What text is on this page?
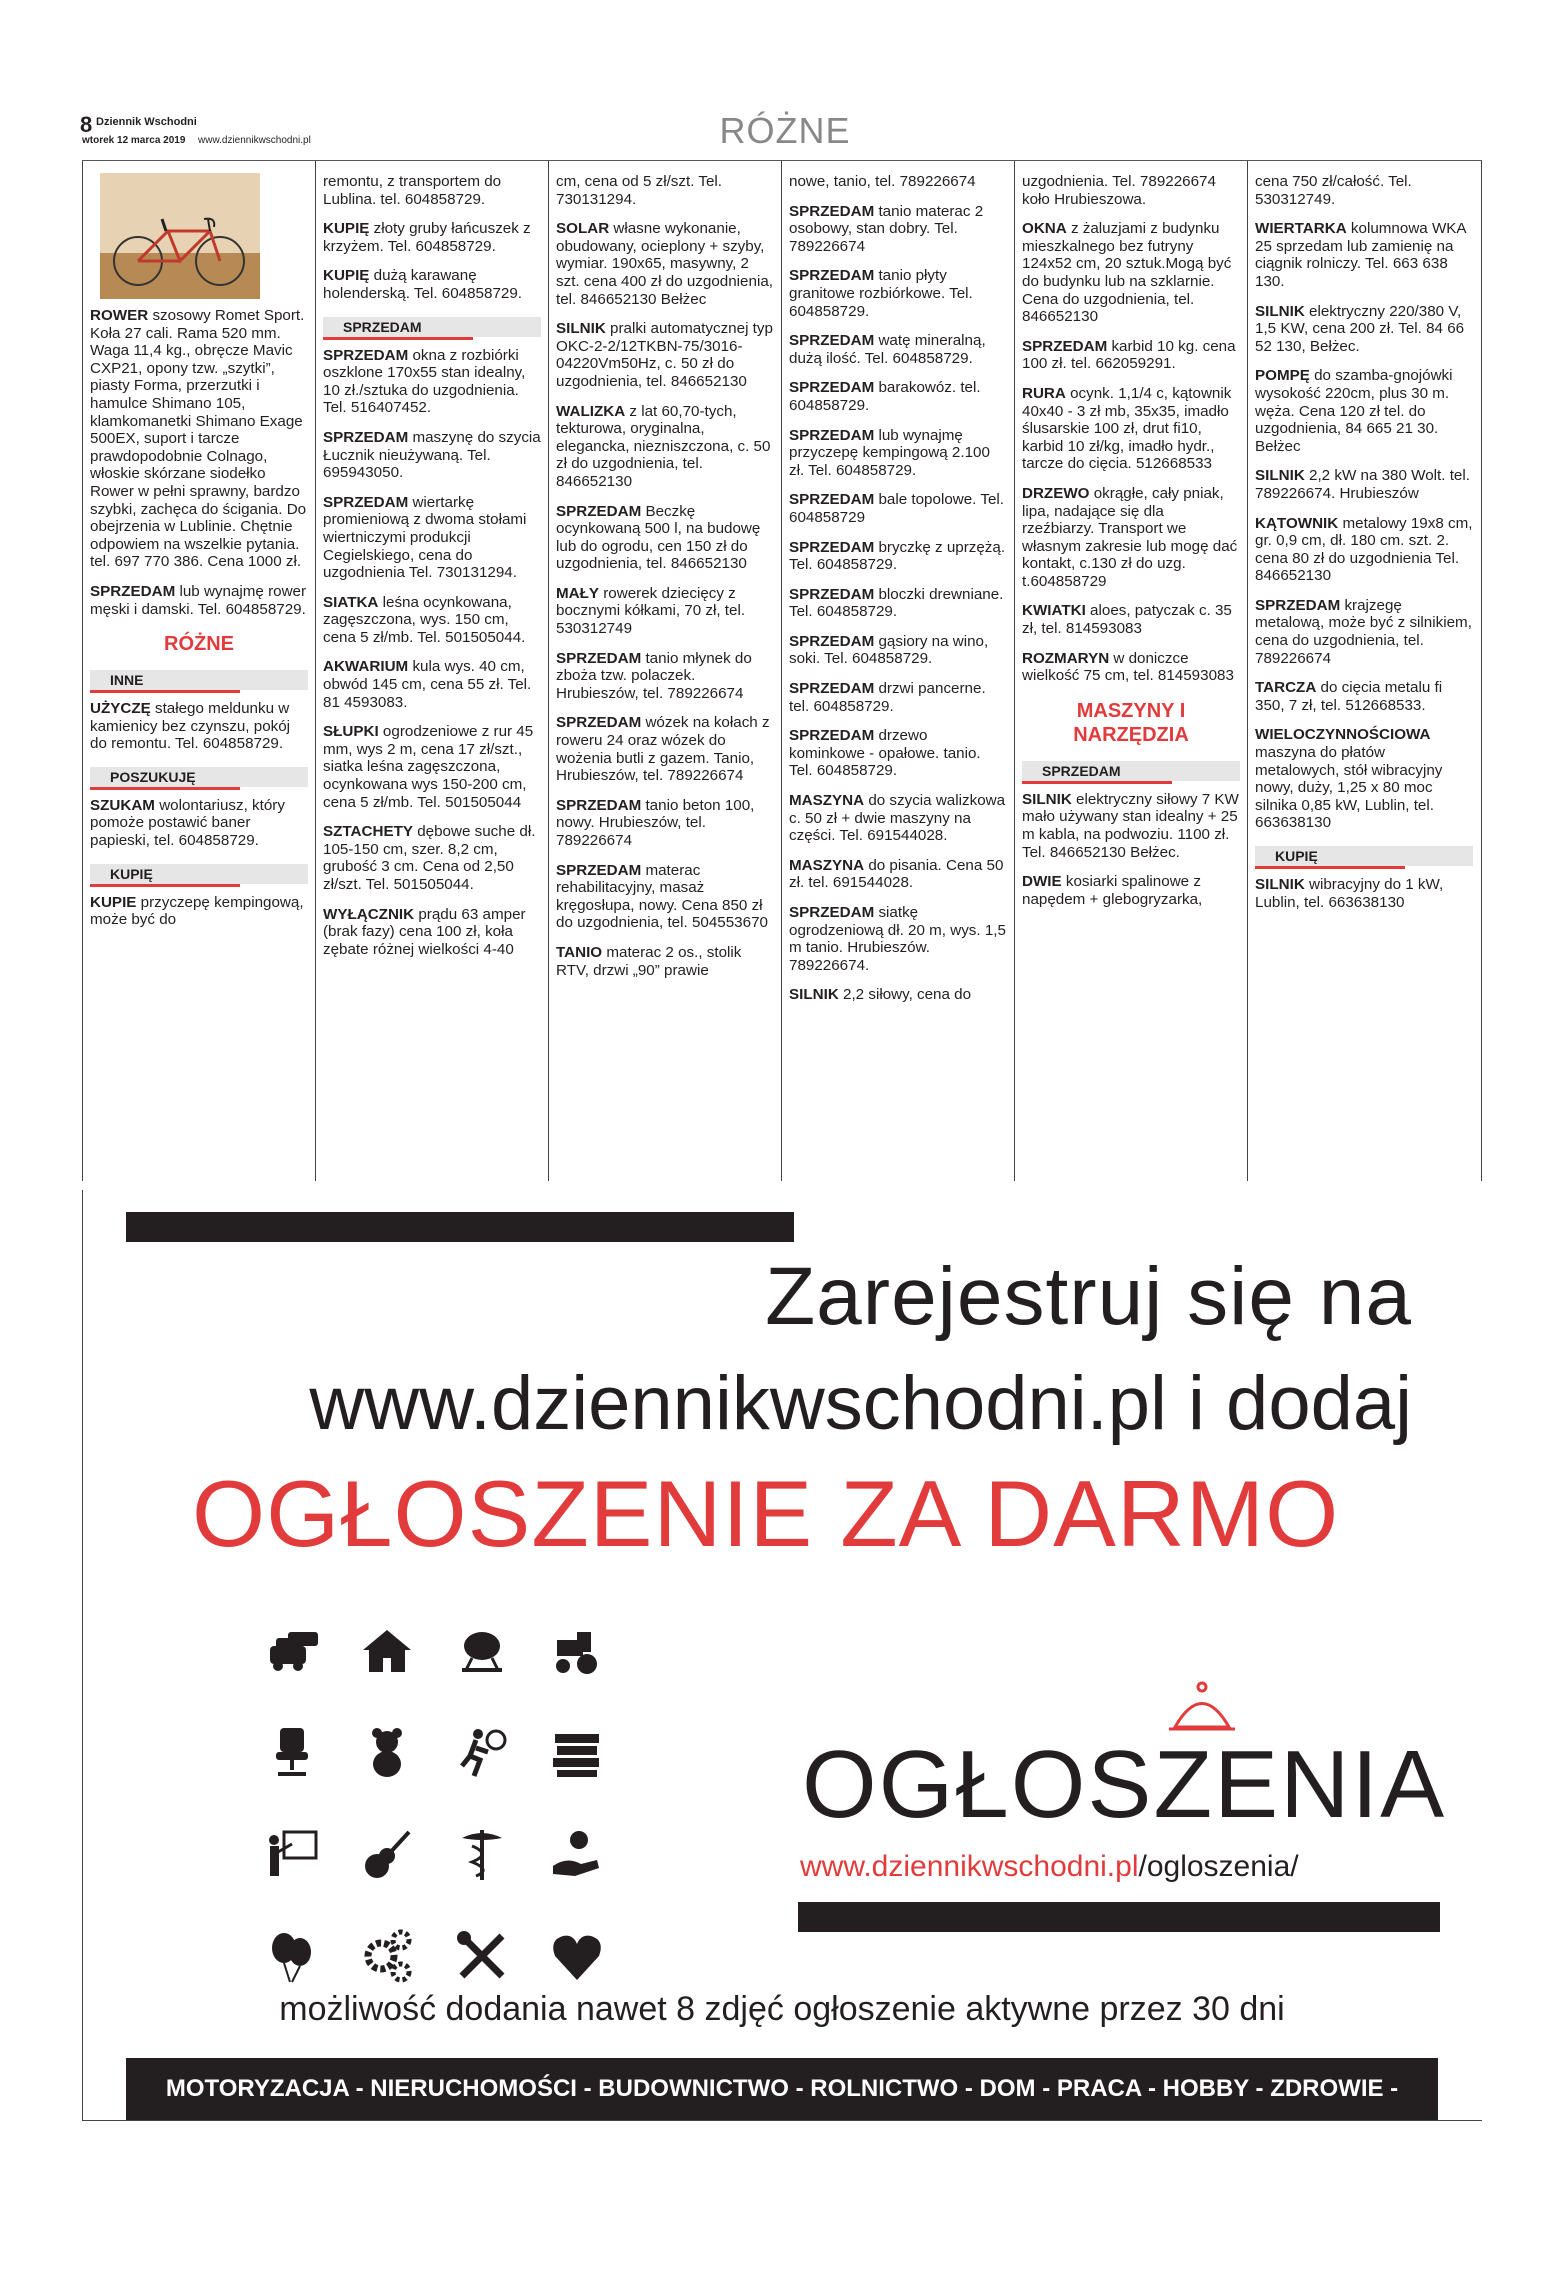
8 Dziennik Wschodni
wtorek 12 marca 2019 www.dziennikwschodni.pl	RÓŻNE

ROWER szosowy Romet Sport. Koła 27 cali. Rama 520 mm. Waga 11,4 kg., obręcze Mavic CXP21, opony tzw. „szytki”, piasty Forma, przerzutki i hamulce Shimano 105, klamkomanetki Shimano Exage 500EX, suport i tarcze prawdopodobnie Colnago, włoskie skórzane siodełko Rower w pełni sprawny, bardzo szybki, zachęca do ścigania. Do obejrzenia w Lublinie. Chętnie odpowiem na wszelkie pytania. tel. 697 770 386. Cena 1000 zł.

SPRZEDAM lub wynajmę rower męski i damski. Tel. 604858729.

RÓŻNE
INNE

UŻYCZĘ stałego meldunku w kamienicy bez czynszu, pokój do remontu. Tel. 604858729.

POSZUKUJĘ

SZUKAM wolontariusz, który pomoże postawić baner papieski, tel. 604858729.

KUPIĘ

KUPIE przyczepę kempingową, może być do

remontu, z transportem do Lublina. tel. 604858729.

KUPIĘ złoty gruby łańcuszek z krzyżem. Tel. 604858729.

KUPIĘ dużą karawanę holenderską. Tel. 604858729.

SPRZEDAM

SPRZEDAM okna z rozbiórki oszklone 170x55 stan idealny, 10 zł./sztuka do uzgodnienia. Tel. 516407452.

SPRZEDAM maszynę do szycia Łucznik nieużywaną. Tel. 695943050.

SPRZEDAM wiertarkę promieniową z dwoma stołami wiertniczymi produkcji Cegielskiego, cena do uzgodnienia Tel. 730131294.

SIATKA leśna ocynkowana, zagęszczona, wys. 150 cm, cena 5 zł/mb. Tel. 501505044.

AKWARIUM kula wys. 40 cm, obwód 145 cm, cena 55 zł. Tel. 81 4593083.

SŁUPKI ogrodzeniowe z rur 45 mm, wys 2 m, cena 17 zł/szt., siatka leśna zagęszczona, ocynkowana wys 150-200 cm, cena 5 zł/mb. Tel. 501505044

SZTACHETY dębowe suche dł. 105-150 cm, szer. 8,2 cm, grubość 3 cm. Cena od 2,50 zł/szt. Tel. 501505044.

WYŁĄCZNIK prądu 63 amper (brak fazy) cena 100 zł, koła zębate różnej wielkości 4-40

cm, cena od 5 zł/szt. Tel. 730131294.

SOLAR własne wykonanie, obudowany, ocieplony + szyby, wymiar. 190x65, masywny, 2 szt. cena 400 zł do uzgodnienia, tel. 846652130 Bełżec

SILNIK pralki automatycznej typ OKC-2-2/12TKBN-75/3016-04220Vm50Hz, c. 50 zł do uzgodnienia, tel. 846652130

WALIZKA z lat 60,70-tych, tekturowa, oryginalna, elegancka, niezniszczona, c. 50 zł do uzgodnienia, tel. 846652130

SPRZEDAM Beczkę ocynkowaną 500 l, na budowę lub do ogrodu, cen 150 zł do uzgodnienia, tel. 846652130

MAŁY rowerek dziecięcy z bocznymi kółkami, 70 zł, tel. 530312749

SPRZEDAM tanio młynek do zboża tzw. polaczek. Hrubieszów, tel. 789226674

SPRZEDAM wózek na kołach z roweru 24 oraz wózek do wożenia butli z gazem. Tanio, Hrubieszów, tel. 789226674

SPRZEDAM tanio beton 100, nowy. Hrubieszów, tel. 789226674

SPRZEDAM materac rehabilitacyjny, masaż kręgosłupa, nowy. Cena 850 zł do uzgodnienia, tel. 504553670

TANIO materac 2 os., stolik RTV, drzwi „90” prawie

nowe, tanio, tel. 789226674

SPRZEDAM tanio materac 2 osobowy, stan dobry. Tel. 789226674

SPRZEDAM tanio płyty granitowe rozbiórkowe. Tel. 604858729.

SPRZEDAM watę mineralną, dużą ilość. Tel. 604858729.

SPRZEDAM barakowóz. tel. 604858729.

SPRZEDAM lub wynajmę przyczepę kempingową 2.100 zł. Tel. 604858729.

SPRZEDAM bale topolowe. Tel. 604858729

SPRZEDAM bryczkę z uprzężą. Tel. 604858729.

SPRZEDAM bloczki drewniane. Tel. 604858729.

SPRZEDAM gąsiory na wino, soki. Tel. 604858729.

SPRZEDAM drzwi pancerne. tel. 604858729.

SPRZEDAM drzewo kominkowe - opałowe. tanio. Tel. 604858729.

MASZYNA do szycia walizkowa c. 50 zł + dwie maszyny na części. Tel. 691544028.

MASZYNA do pisania. Cena 50 zł. tel. 691544028.

SPRZEDAM siatkę ogrodzeniową dł. 20 m, wys. 1,5 m tanio. Hrubieszów. 789226674.

SILNIK 2,2 siłowy, cena do

uzgodnienia. Tel. 789226674 koło Hrubieszowa.

OKNA z żaluzjami z budynku mieszkalnego bez futryny 124x52 cm, 20 sztuk.Mogą być do budynku lub na szklarnie. Cena do uzgodnienia, tel. 846652130

SPRZEDAM karbid 10 kg. cena 100 zł. tel. 662059291.

RURA ocynk. 1,1/4 c, kątownik 40x40 - 3 zł mb, 35x35, imadło ślusarskie 100 zł, drut fi10, karbid 10 zł/kg, imadło hydr., tarcze do cięcia. 512668533

DRZEWO okrągłe, cały pniak, lipa, nadające się dla rzeźbiarzy. Transport we własnym zakresie lub mogę dać kontakt, c.130 zł do uzg. t.604858729

KWIATKI aloes, patyczak c. 35 zł, tel. 814593083

ROZMARYN w doniczce wielkość 75 cm, tel. 814593083

MASZYNY I NARZĘDZIA
SPRZEDAM

SILNIK elektryczny siłowy 7 KW mało używany stan idealny + 25 m kabla, na podwoziu. 1100 zł. Tel. 846652130 Bełżec.

DWIE kosiarki spalinowe z napędem + glebogryzarka,

cena 750 zł/całość. Tel. 530312749.

WIERTARKA kolumnowa WKA 25 sprzedam lub zamienię na ciągnik rolniczy. Tel. 663 638 130.

SILNIK elektryczny 220/380 V, 1,5 KW, cena 200 zł. Tel. 84 66 52 130, Bełżec.

POMPĘ do szamba-gnojówki wysokość 220cm, plus 30 m. węża. Cena 120 zł tel. do uzgodnienia, 84 665 21 30. Bełżec

SILNIK 2,2 kW na 380 Wolt. tel. 789226674. Hrubieszów

KĄTOWNIK metalowy 19x8 cm, gr. 0,9 cm, dł. 180 cm. szt. 2. cena 80 zł do uzgodnienia Tel. 846652130

SPRZEDAM krajzegę metalową, może być z silnikiem, cena do uzgodnienia, tel. 789226674

TARCZA do cięcia metalu fi 350, 7 zł, tel. 512668533.

WIELOCZYNNOŚCIOWA maszyna do płatów metalowych, stół wibracyjny nowy, duży, 1,25 x 80 moc silnika 0,85 kW, Lublin, tel. 663638130

KUPIĘ

SILNIK wibracyjny do 1 kW, Lublin, tel. 663638130

Zarejestruj się na
www.dziennikwschodni.pl i dodaj
OGŁOSZENIE ZA DARMO
OGŁOSZENIA
www.dziennikwschodni.pl/ogloszenia/
możliwość dodania nawet 8 zdjęć ogłoszenie aktywne przez 30 dni
MOTORYZACJA - NIERUCHOMOŚCI - BUDOWNICTWO - ROLNICTWO - DOM - PRACA - HOBBY - ZDROWIE - TOWARZYSKIE
